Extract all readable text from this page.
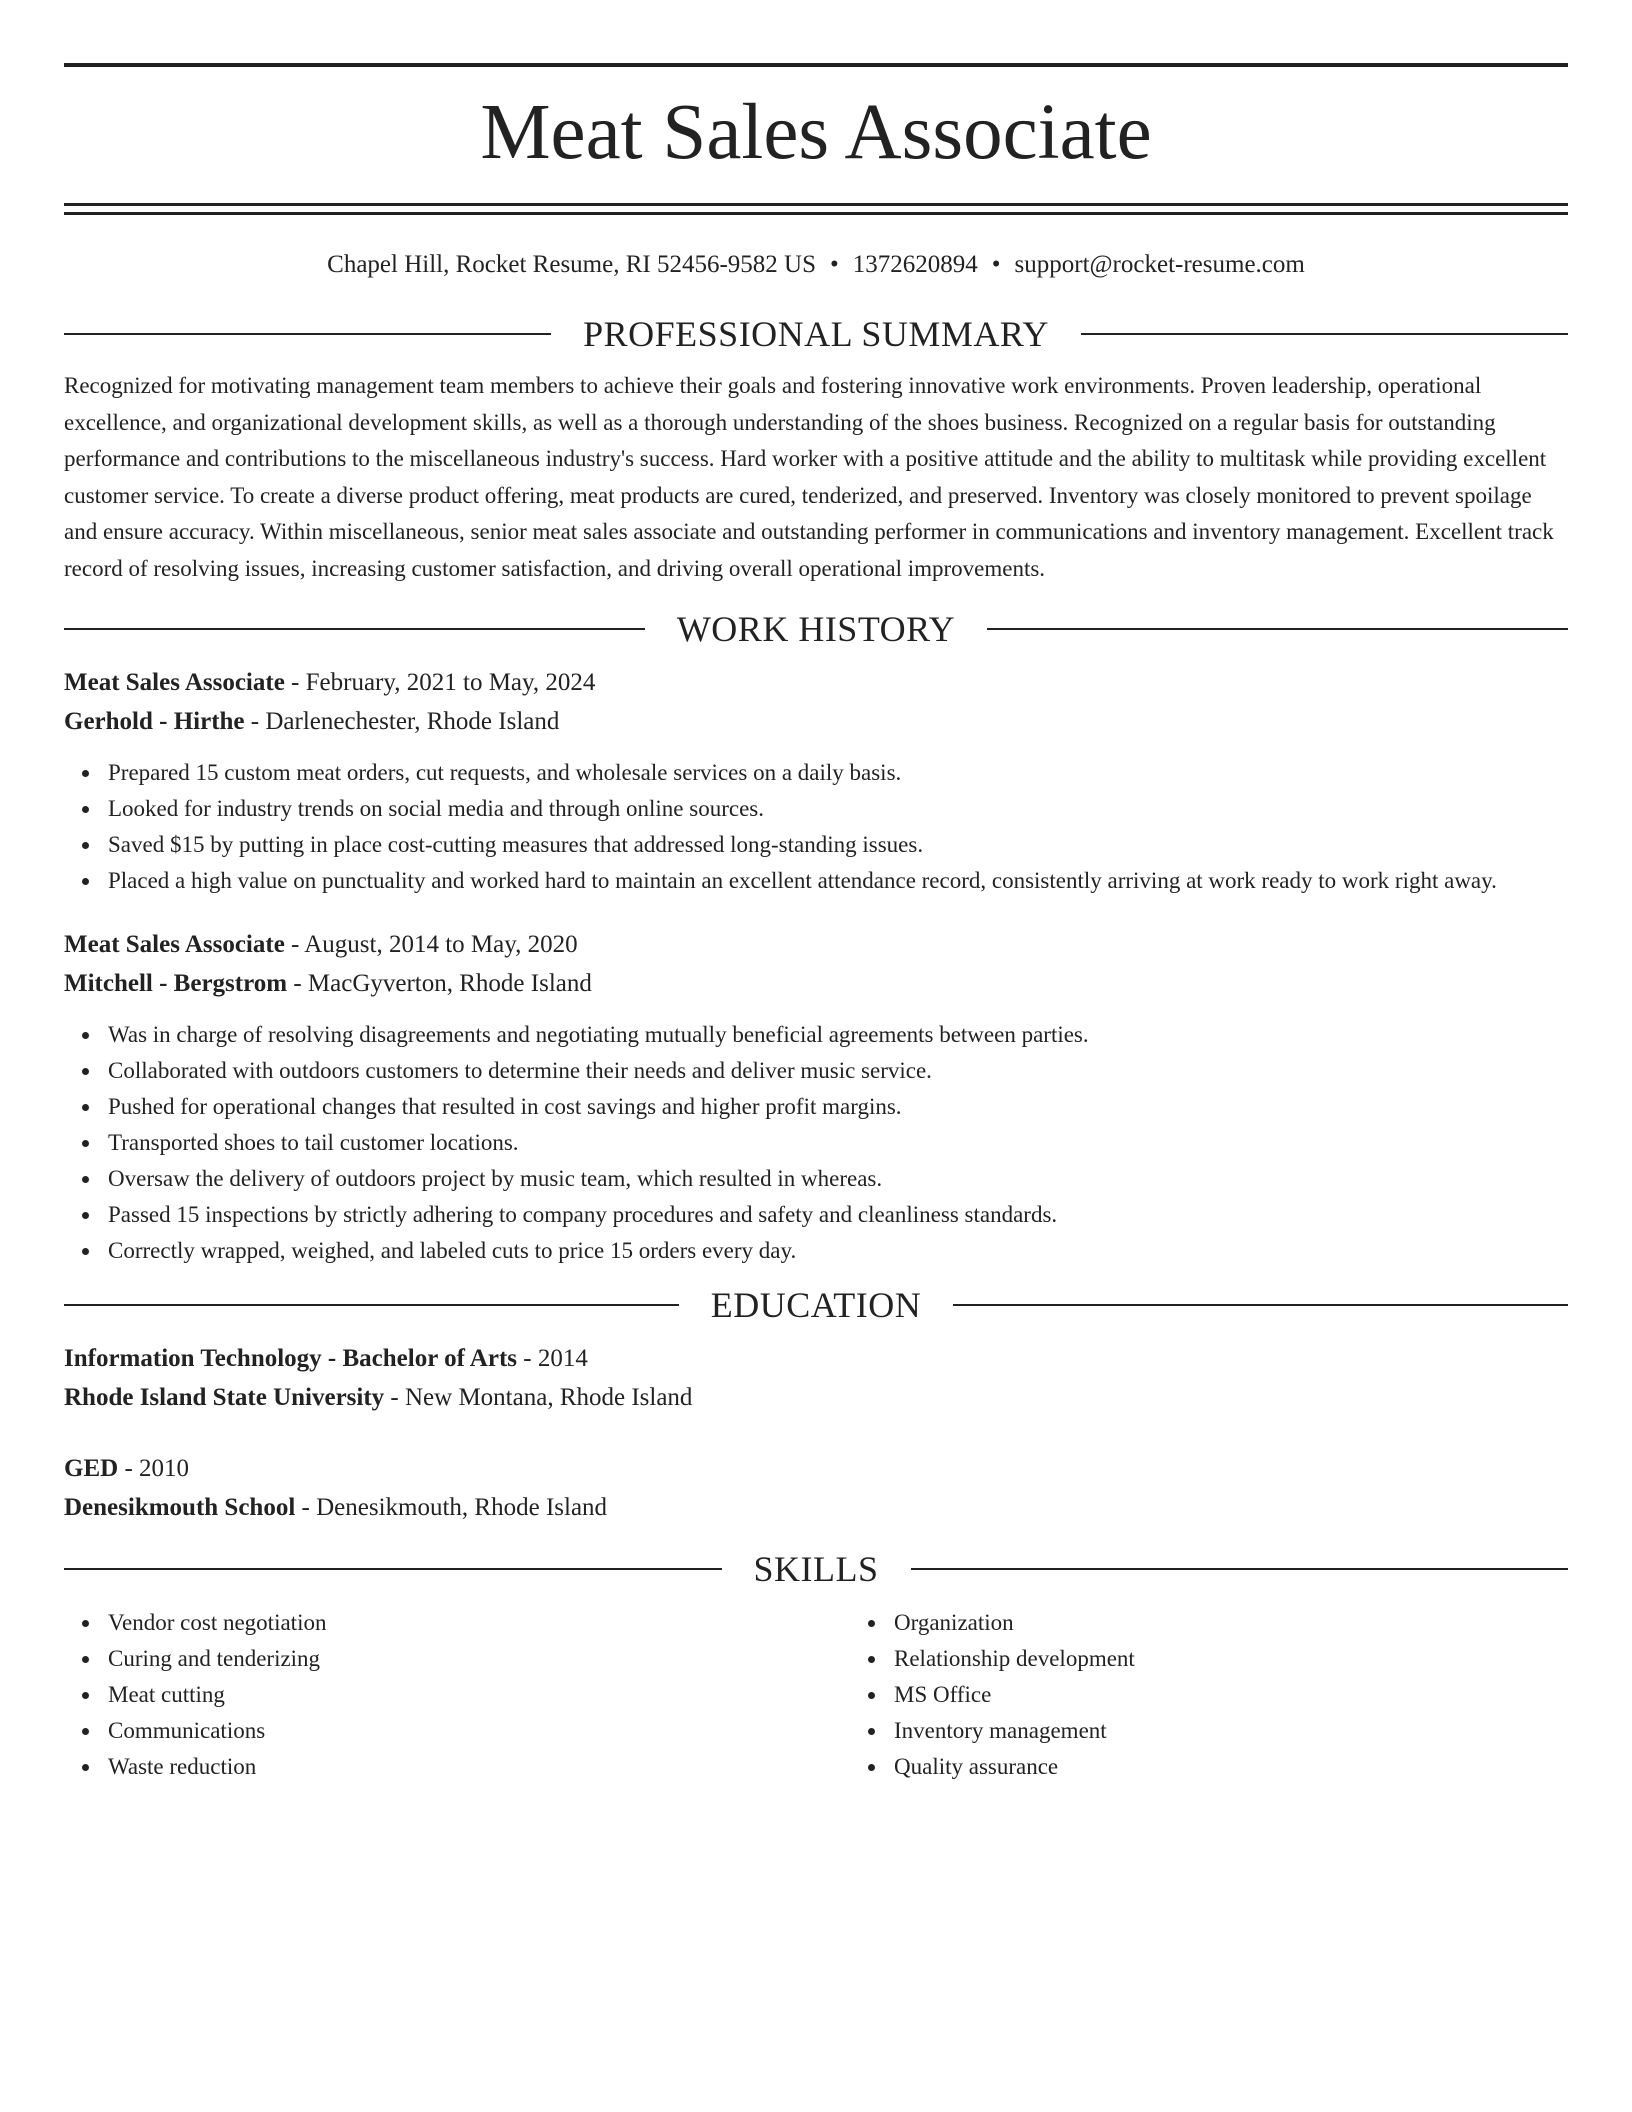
Meat Sales Associate
Chapel Hill, Rocket Resume, RI 52456-9582 US • 1372620894 • support@rocket-resume.com
PROFESSIONAL SUMMARY

Recognized for motivating management team members to achieve their goals and fostering innovative work environments. Proven leadership, operational excellence, and organizational development skills, as well as a thorough understanding of the shoes business. Recognized on a regular basis for outstanding performance and contributions to the miscellaneous industry's success. Hard worker with a positive attitude and the ability to multitask while providing excellent customer service. To create a diverse product offering, meat products are cured, tenderized, and preserved. Inventory was closely monitored to prevent spoilage and ensure accuracy. Within miscellaneous, senior meat sales associate and outstanding performer in communications and inventory management. Excellent track record of resolving issues, increasing customer satisfaction, and driving overall operational improvements.

WORK HISTORY
Meat Sales Associate - February, 2021 to May, 2024
Gerhold - Hirthe - Darlenechester, Rhode Island
Prepared 15 custom meat orders, cut requests, and wholesale services on a daily basis.
Looked for industry trends on social media and through online sources.
Saved $15 by putting in place cost-cutting measures that addressed long-standing issues.
Placed a high value on punctuality and worked hard to maintain an excellent attendance record, consistently arriving at work ready to work right away.
Meat Sales Associate - August, 2014 to May, 2020
Mitchell - Bergstrom - MacGyverton, Rhode Island
Was in charge of resolving disagreements and negotiating mutually beneficial agreements between parties.
Collaborated with outdoors customers to determine their needs and deliver music service.
Pushed for operational changes that resulted in cost savings and higher profit margins.
Transported shoes to tail customer locations.
Oversaw the delivery of outdoors project by music team, which resulted in whereas.
Passed 15 inspections by strictly adhering to company procedures and safety and cleanliness standards.
Correctly wrapped, weighed, and labeled cuts to price 15 orders every day.
EDUCATION
Information Technology - Bachelor of Arts - 2014
Rhode Island State University - New Montana, Rhode Island
GED - 2010
Denesikmouth School - Denesikmouth, Rhode Island
SKILLS
Vendor cost negotiation
Curing and tenderizing
Meat cutting
Communications
Waste reduction
Organization
Relationship development
MS Office
Inventory management
Quality assurance
